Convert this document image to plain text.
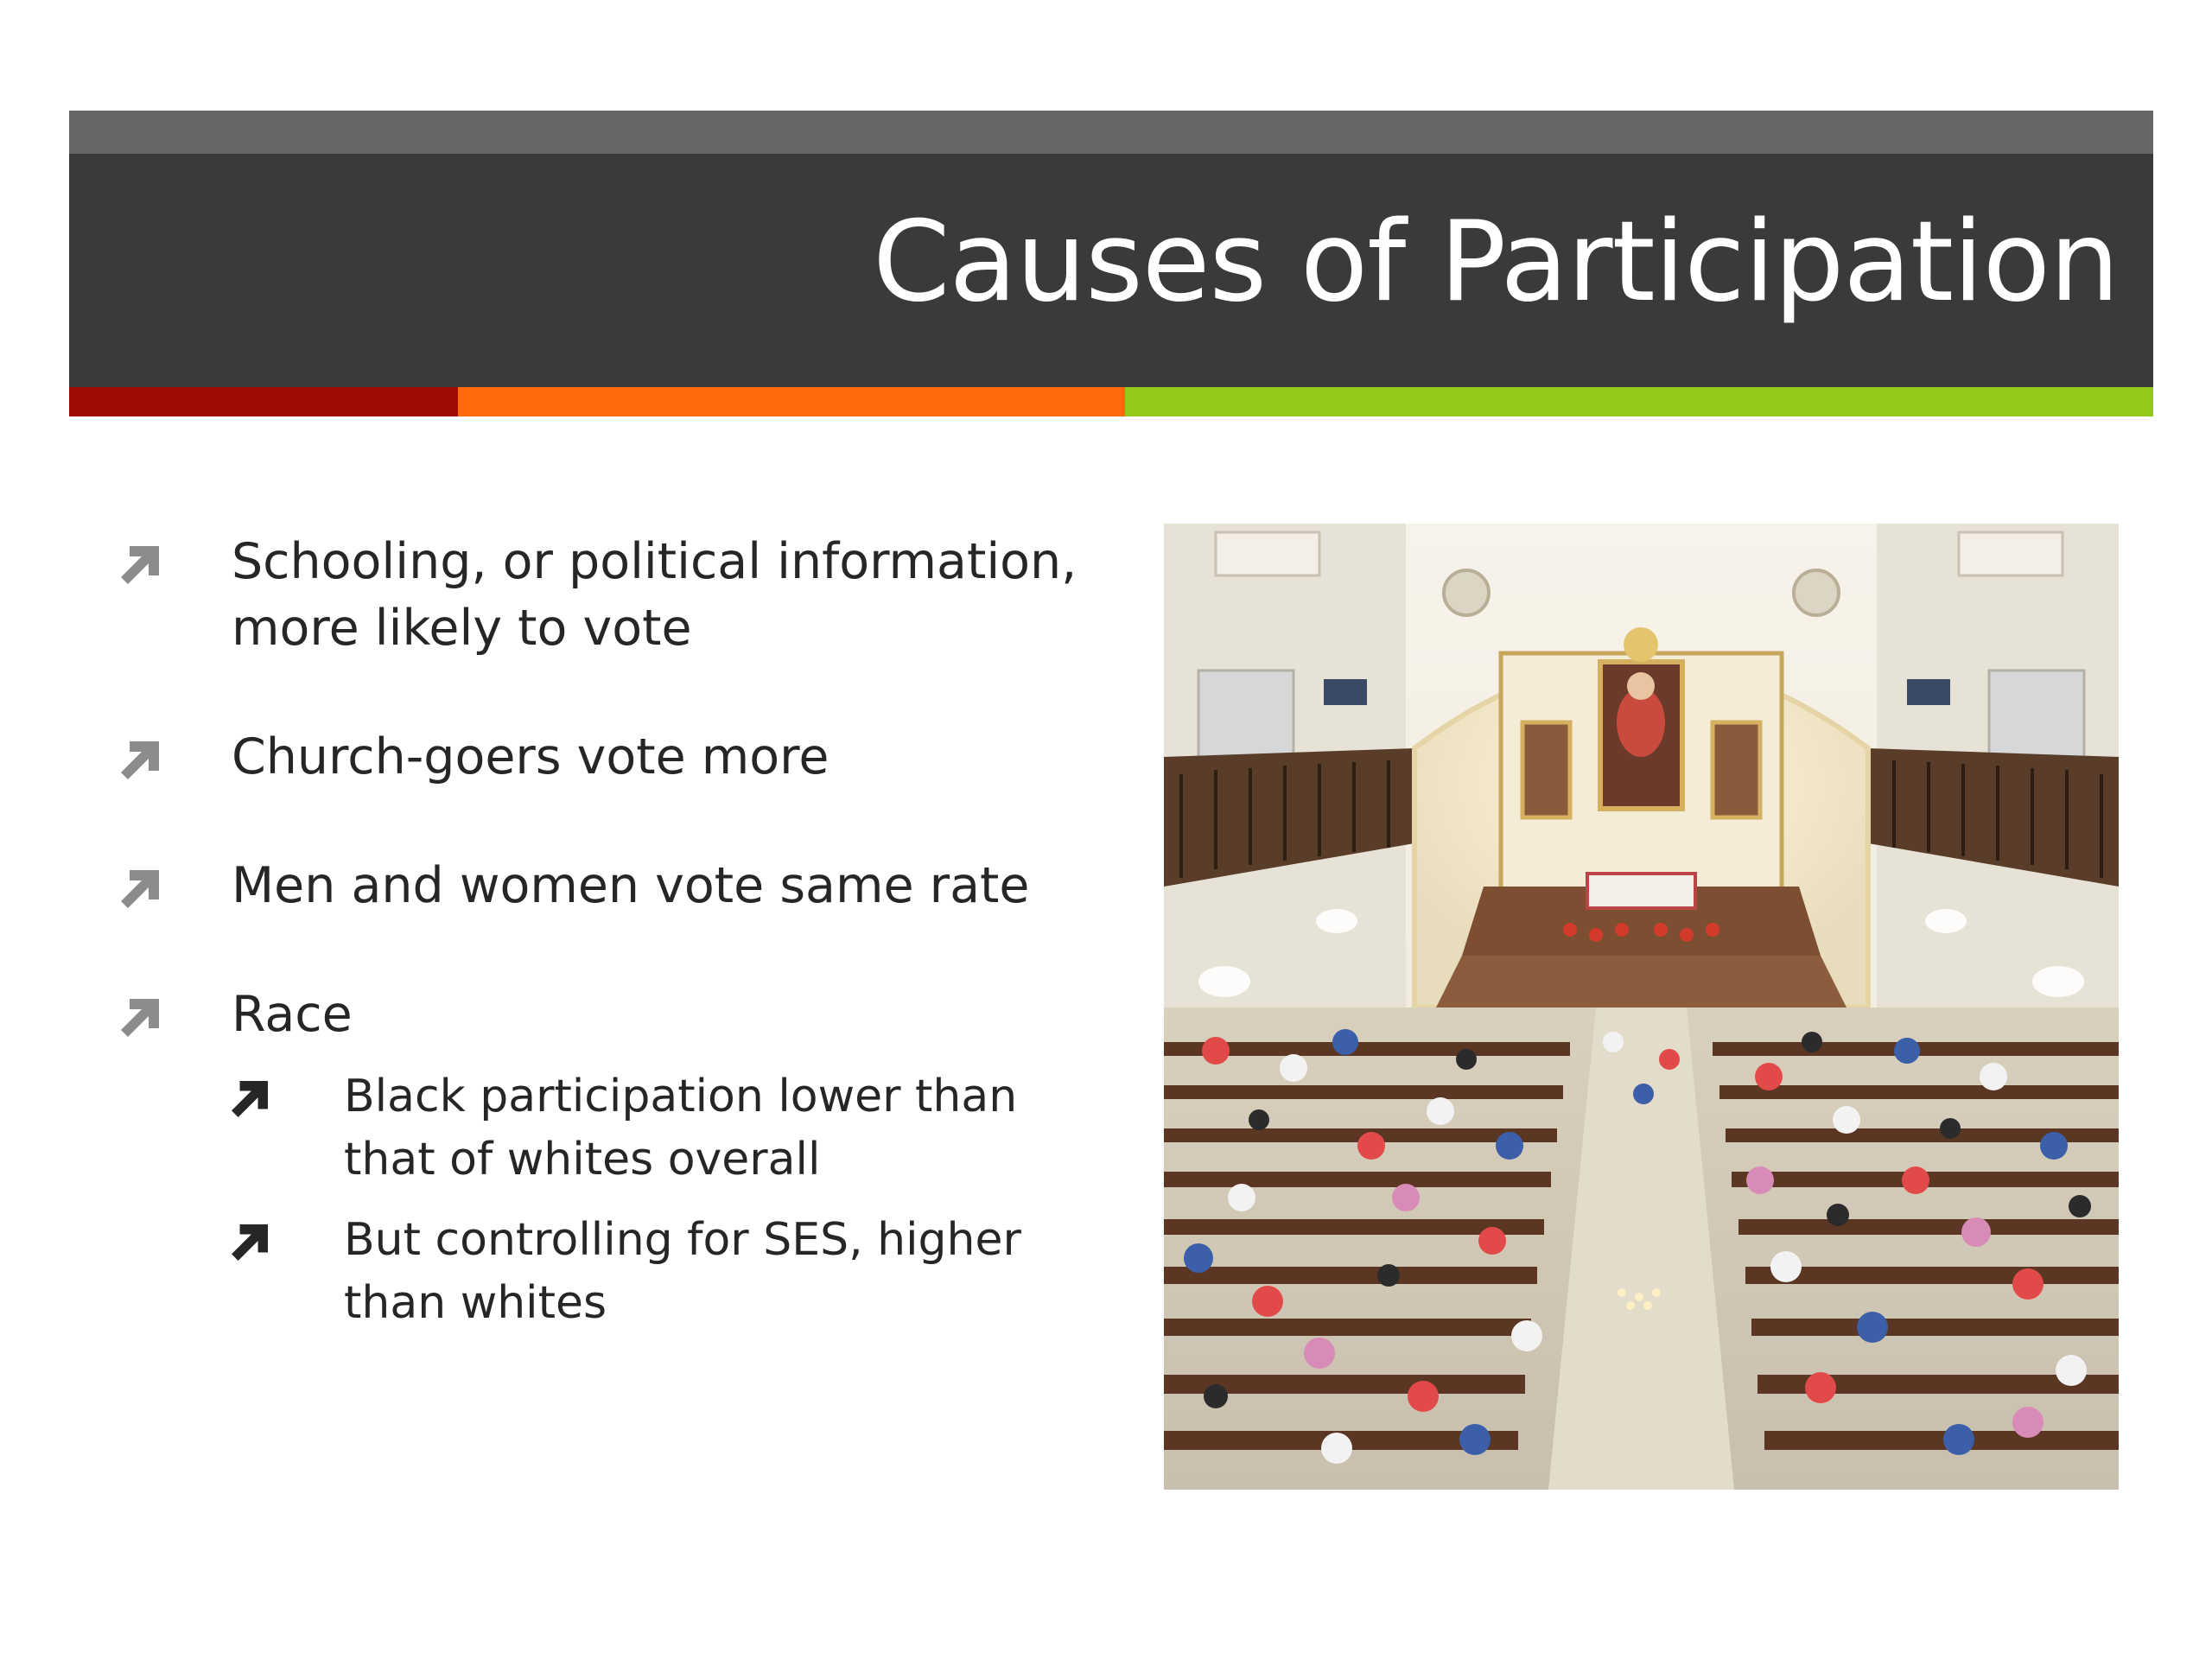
Causes of Participation
Schooling, or political information, more likely to vote
Church-goers vote more
Men and women vote same rate
Race
Black participation lower than that of whites overall
But controlling for SES, higher than whites
